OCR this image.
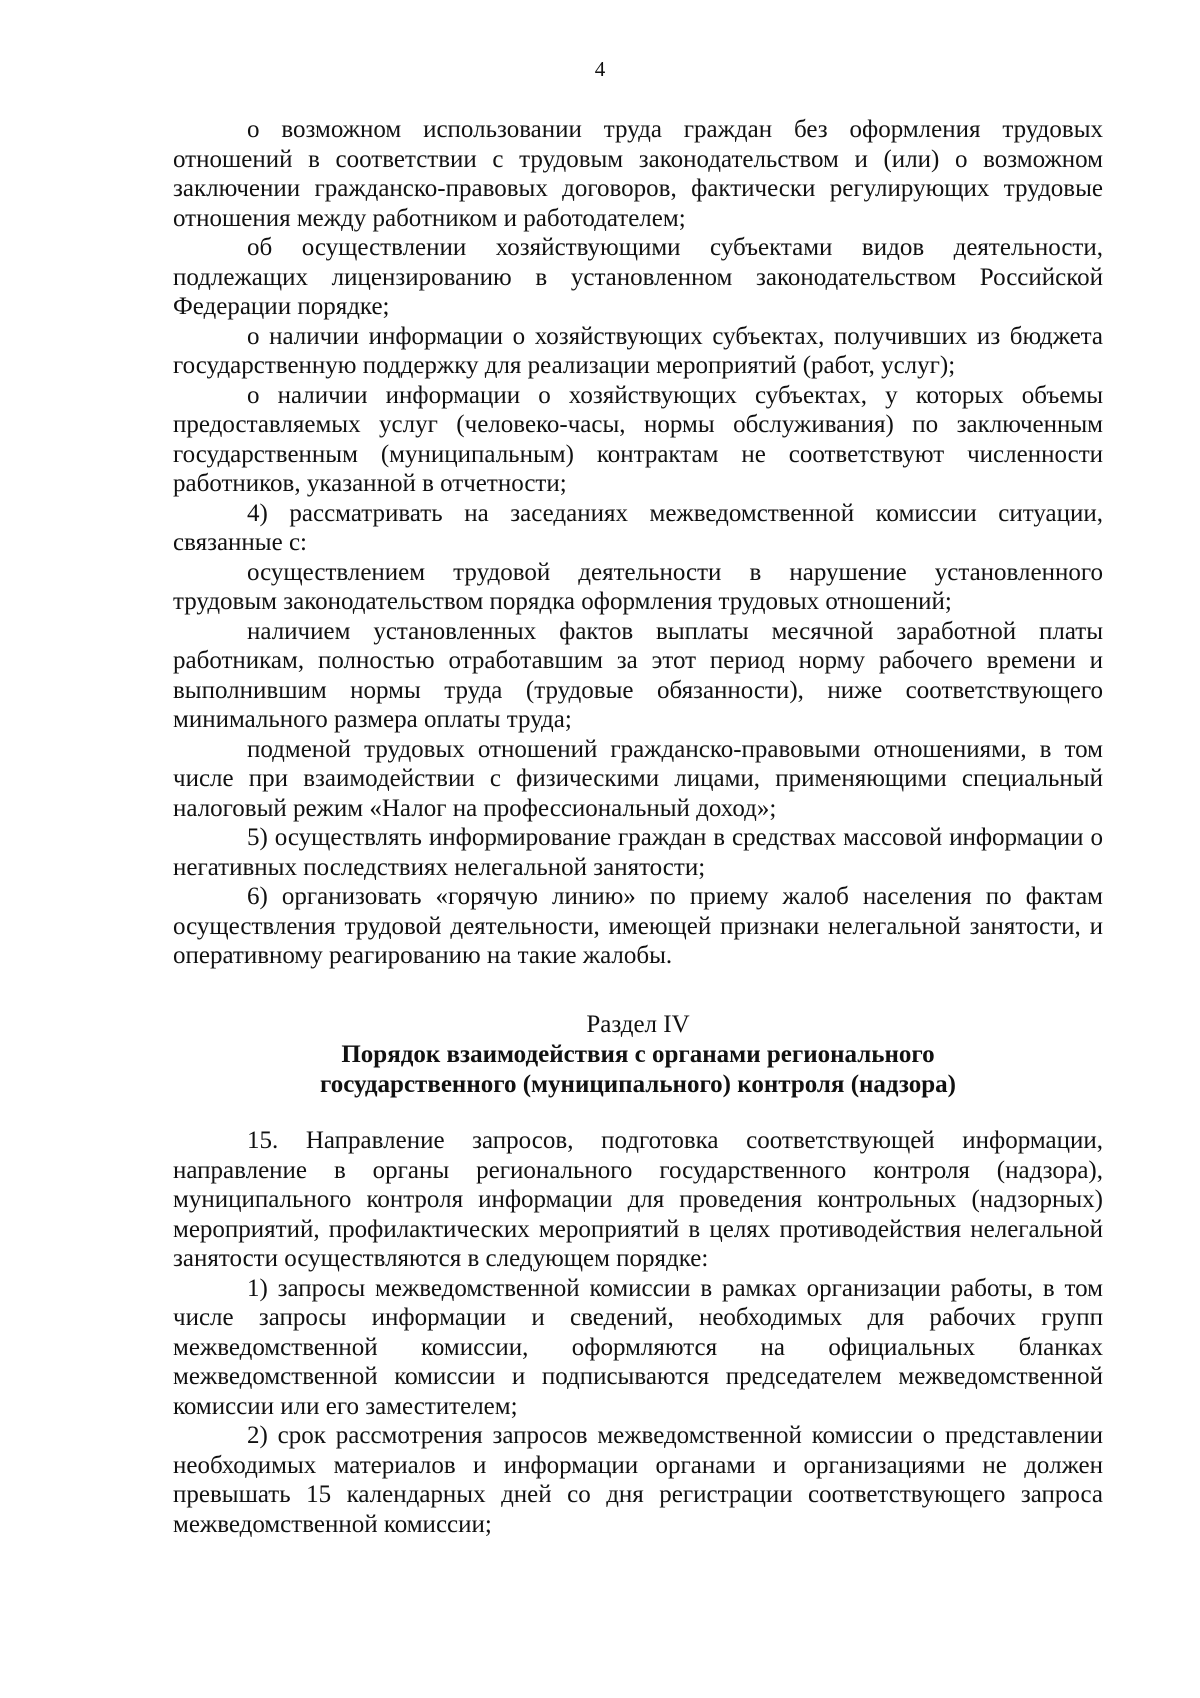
4

о возможном использовании труда граждан без оформления трудовых отношений в соответствии с трудовым законодательством и (или) о возможном заключении гражданско-правовых договоров, фактически регулирующих трудовые отношения между работником и работодателем;

об осуществлении хозяйствующими субъектами видов деятельности, подлежащих лицензированию в установленном законодательством Российской Федерации порядке;

о наличии информации о хозяйствующих субъектах, получивших из бюджета государственную поддержку для реализации мероприятий (работ, услуг);

о наличии информации о хозяйствующих субъектах, у которых объемы предоставляемых услуг (человеко-часы, нормы обслуживания) по заключенным государственным (муниципальным) контрактам не соответствуют численности работников, указанной в отчетности;

4) рассматривать на заседаниях межведомственной комиссии ситуации, связанные с:

осуществлением трудовой деятельности в нарушение установленного трудовым законодательством порядка оформления трудовых отношений;

наличием установленных фактов выплаты месячной заработной платы работникам, полностью отработавшим за этот период норму рабочего времени и выполнившим нормы труда (трудовые обязанности), ниже соответствующего минимального размера оплаты труда;

подменой трудовых отношений гражданско-правовыми отношениями, в том числе при взаимодействии с физическими лицами, применяющими специальный налоговый режим «Налог на профессиональный доход»;

5) осуществлять информирование граждан в средствах массовой информации о негативных последствиях нелегальной занятости;

6) организовать «горячую линию» по приему жалоб населения по фактам осуществления трудовой деятельности, имеющей признаки нелегальной занятости, и оперативному реагированию на такие жалобы.

Раздел IV
Порядок взаимодействия с органами регионального
государственного (муниципального) контроля (надзора)

15. Направление запросов, подготовка соответствующей информации, направление в органы регионального государственного контроля (надзора), муниципального контроля информации для проведения контрольных (надзорных) мероприятий, профилактических мероприятий в целях противодействия нелегальной занятости осуществляются в следующем порядке:

1) запросы межведомственной комиссии в рамках организации работы, в том числе запросы информации и сведений, необходимых для рабочих групп межведомственной комиссии, оформляются на официальных бланках межведомственной комиссии и подписываются председателем межведомственной комиссии или его заместителем;

2) срок рассмотрения запросов межведомственной комиссии о представлении необходимых материалов и информации органами и организациями не должен превышать 15 календарных дней со дня регистрации соответствующего запроса межведомственной комиссии;
